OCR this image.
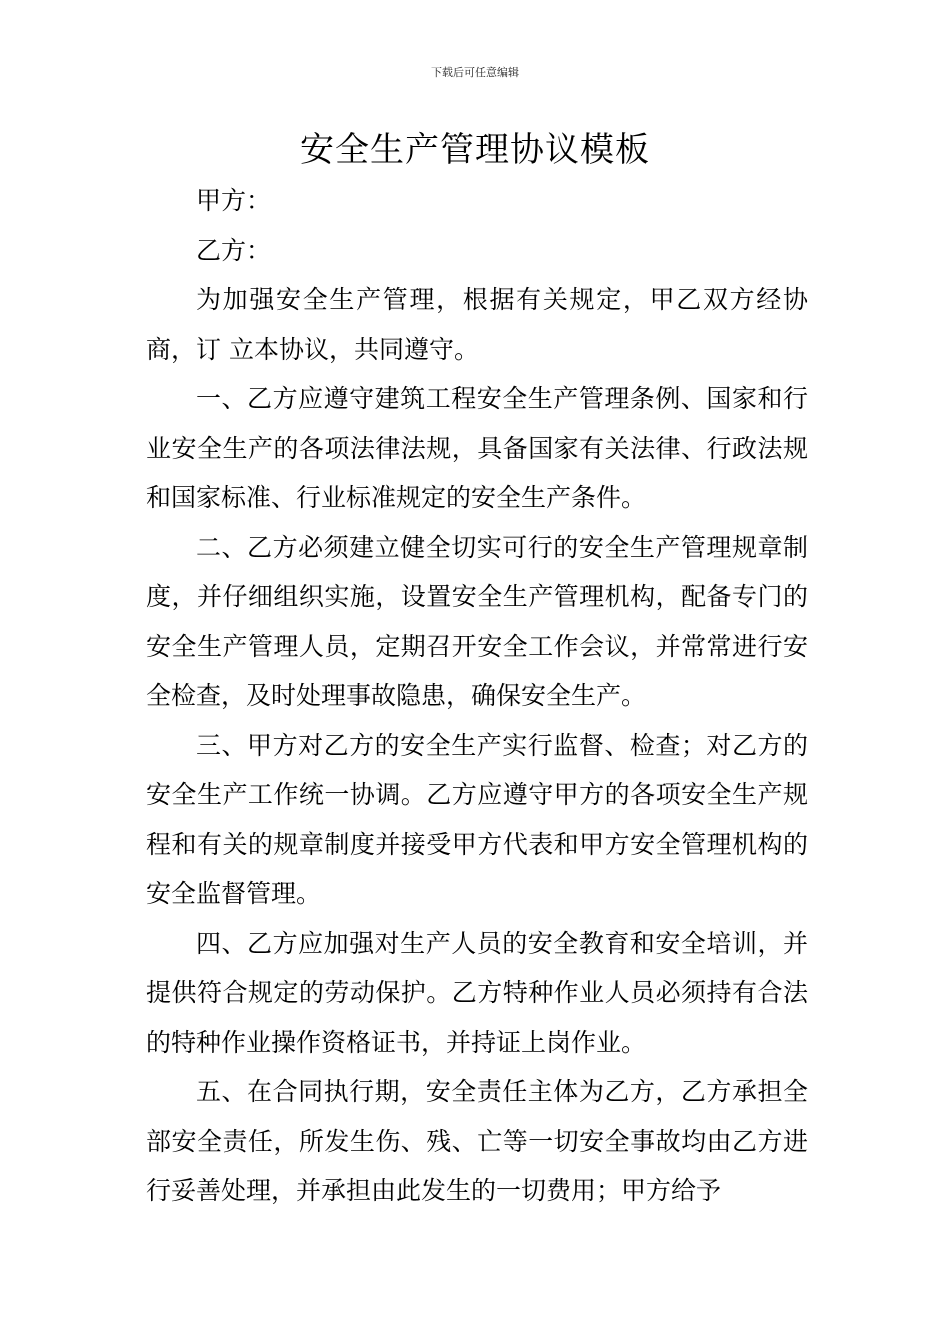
下载后可任意编辑
安全生产管理协议模板

甲方：

乙方：

为加强安全生产管理，根据有关规定，甲乙双方经协商，订 立本协议，共同遵守。

一、乙方应遵守建筑工程安全生产管理条例、国家和行业安全生产的各项法律法规，具备国家有关法律、行政法规和国家标准、行业标准规定的安全生产条件。

二、乙方必须建立健全切实可行的安全生产管理规章制度，并仔细组织实施，设置安全生产管理机构，配备专门的安全生产管理人员，定期召开安全工作会议，并常常进行安全检查，及时处理事故隐患，确保安全生产。

三、甲方对乙方的安全生产实行监督、检查；对乙方的安全生产工作统一协调。乙方应遵守甲方的各项安全生产规程和有关的规章制度并接受甲方代表和甲方安全管理机构的安全监督管理。

四、乙方应加强对生产人员的安全教育和安全培训，并提供符合规定的劳动保护。乙方特种作业人员必须持有合法的特种作业操作资格证书，并持证上岗作业。

五、在合同执行期，安全责任主体为乙方，乙方承担全部安全责任，所发生伤、残、亡等一切安全事故均由乙方进行妥善处理，并承担由此发生的一切费用；甲方给予
